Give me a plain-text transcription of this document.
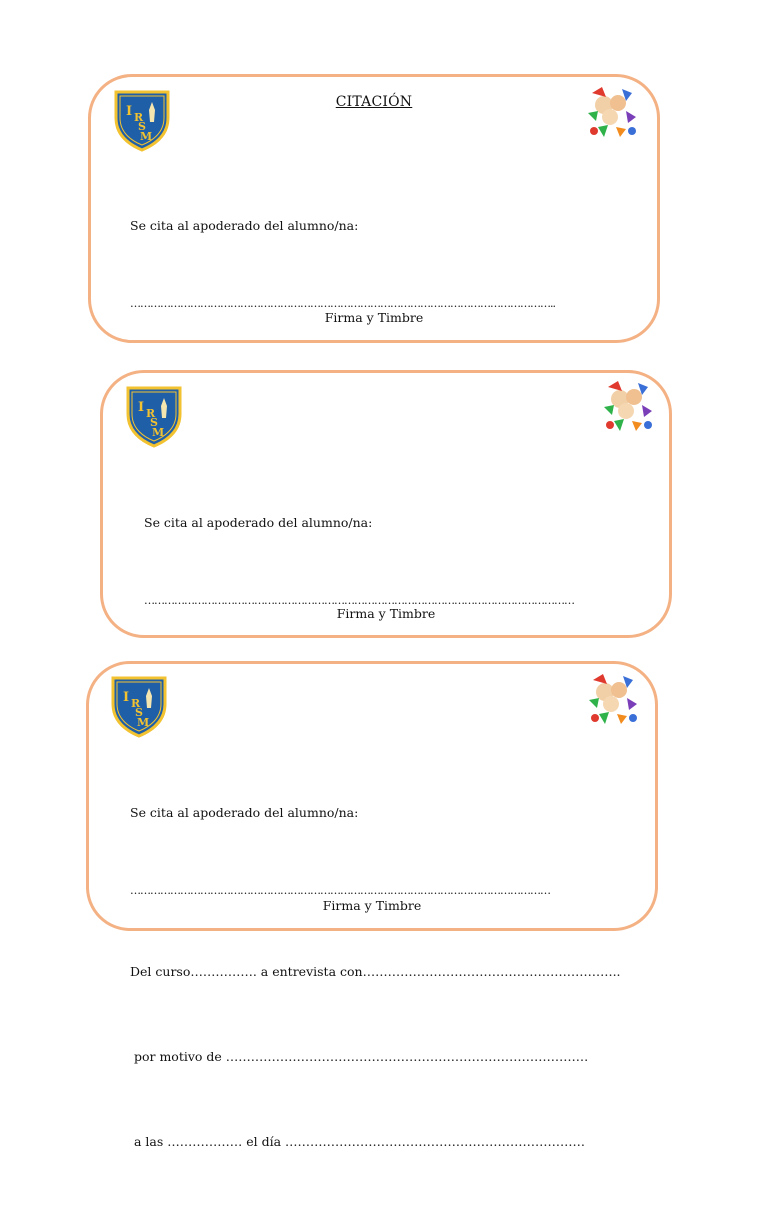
I R
S
M
CITACIÓN

Se cita al apoderado del alumno/na:

………………………………………………………………………………………………………………..

Firma y Timbre
I R
S
M

Se cita al apoderado del alumno/na:

…………………………………………………………………………………………………………………

Firma y Timbre
I R
S
M

Se cita al apoderado del alumno/na:

………………………………………………………………………………………………………………

Del curso……………. a entrevista con……………………………………………………..

por motivo de ……………………………………………………………………………

a las ……………… el día ………………………………………………………………

Firma y Timbre
